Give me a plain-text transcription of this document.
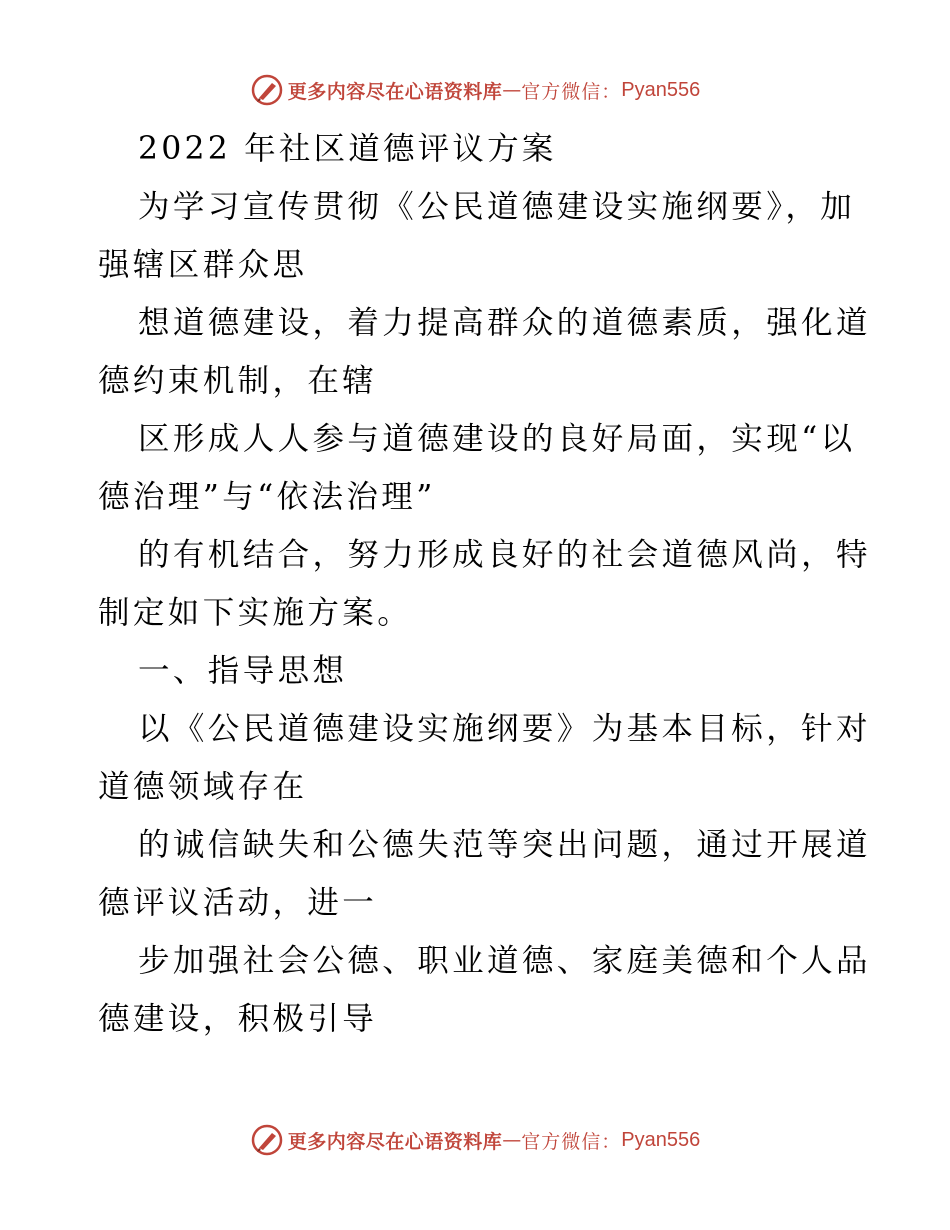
更多内容尽在心语资料库 — 官方微信： Pyan556
2022 年社区道德评议方案
为学习宣传贯彻《公民道德建设实施纲要》，加
强辖区群众思
想道德建设，着力提高群众的道德素质，强化道
德约束机制，在辖
区形成人人参与道德建设的良好局面，实现“以
德治理”与“依法治理”
的有机结合，努力形成良好的社会道德风尚，特
制定如下实施方案。
一、指导思想
以《公民道德建设实施纲要》为基本目标，针对
道德领域存在
的诚信缺失和公德失范等突出问题，通过开展道
德评议活动，进一
步加强社会公德、职业道德、家庭美德和个人品
德建设，积极引导
更多内容尽在心语资料库 — 官方微信： Pyan556
